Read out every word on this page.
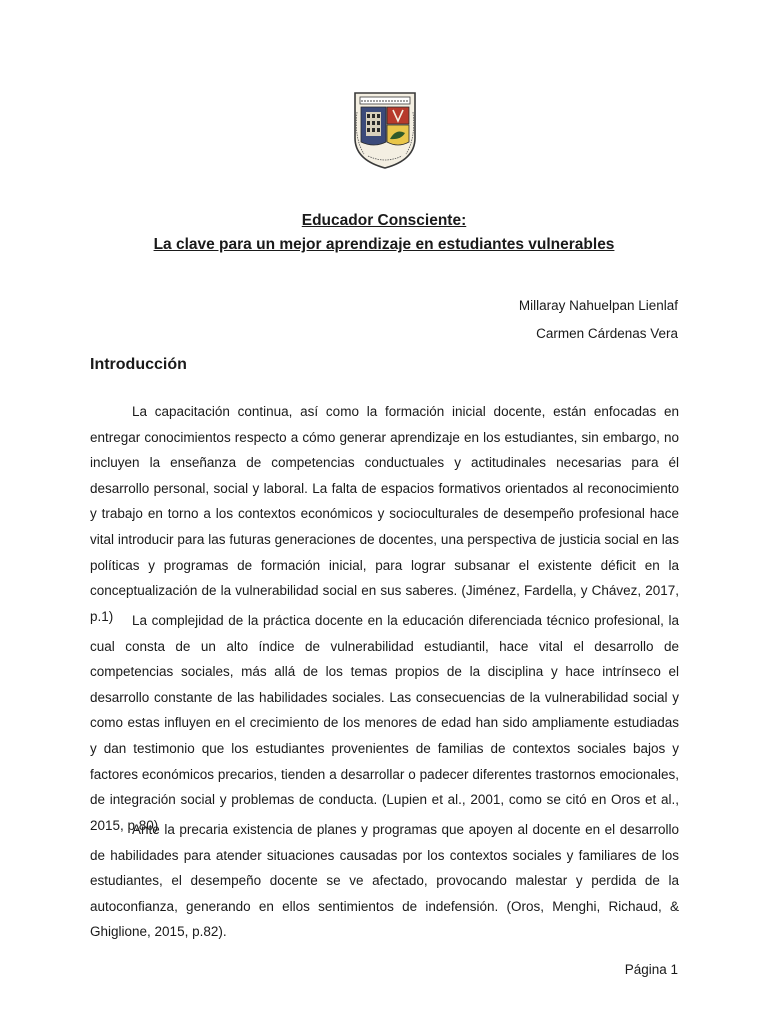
Educador Consciente:
La clave para un mejor aprendizaje en estudiantes vulnerables
Millaray Nahuelpan Lienlaf
Carmen Cárdenas Vera
Introducción

La capacitación continua, así como la formación inicial docente, están enfocadas en entregar conocimientos respecto a cómo generar aprendizaje en los estudiantes, sin embargo, no incluyen la enseñanza de competencias conductuales y actitudinales necesarias para él desarrollo personal, social y laboral. La falta de espacios formativos orientados al reconocimiento y trabajo en torno a los contextos económicos y socioculturales de desempeño profesional hace vital introducir para las futuras generaciones de docentes, una perspectiva de justicia social en las políticas y programas de formación inicial, para lograr subsanar el existente déficit en la conceptualización de la vulnerabilidad social en sus saberes. (Jiménez, Fardella, y Chávez, 2017, p.1)	La complejidad de la práctica docente en la educación diferenciada técnico profesional, la cual consta de un alto índice de vulnerabilidad estudiantil, hace vital el desarrollo de competencias sociales, más allá de los temas propios de la disciplina y hace intrínseco el desarrollo constante de las habilidades sociales. Las consecuencias de la vulnerabilidad social y como estas influyen en el crecimiento de los menores de edad han sido ampliamente estudiadas y dan testimonio que los estudiantes provenientes de familias de contextos sociales bajos y factores económicos precarios, tienden a desarrollar o padecer diferentes trastornos emocionales, de integración social y problemas de conducta. (Lupien et al., 2001, como se citó en Oros et al., 2015, p.80)

Ante la precaria existencia de planes y programas que apoyen al docente en el desarrollo de habilidades para atender situaciones causadas por los contextos sociales y familiares de los estudiantes, el desempeño docente se ve afectado, provocando malestar y perdida de la autoconfianza, generando en ellos sentimientos de indefensión. (Oros, Menghi, Richaud, & Ghiglione, 2015, p.82).

Página 1
